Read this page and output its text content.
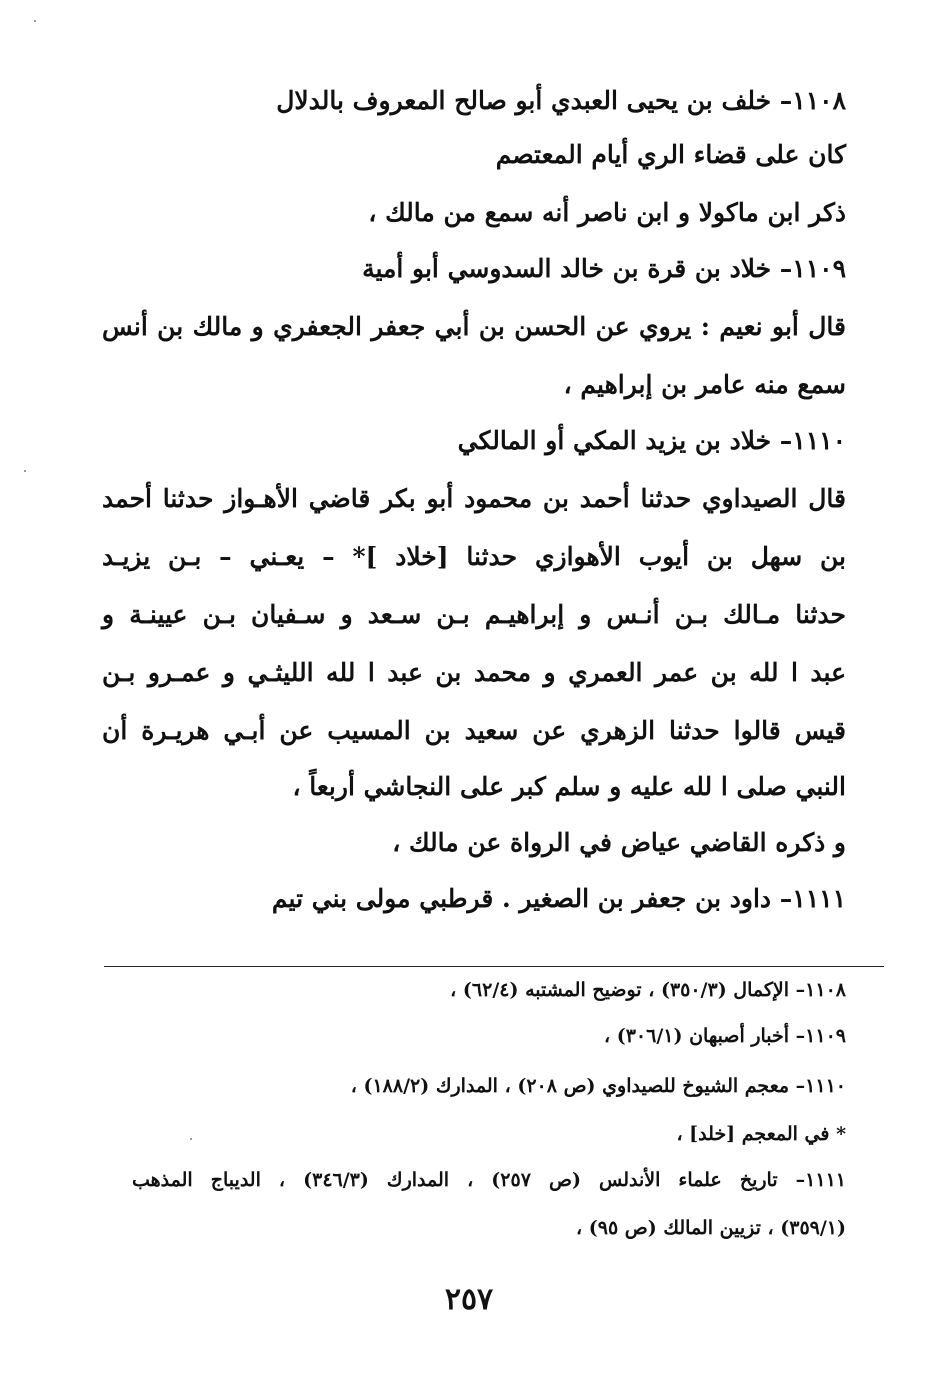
١١٠٨– خلف بن يحيى العبدي أبو صالح المعروف بالدلال
كان على قضاء الري أيام المعتصم
ذكر ابن ماكولا و ابن ناصر أنه سمع من مالك ،
١١٠٩– خلاد بن قرة بن خالد السدوسي أبو أمية
قال أبو نعيم : يروي عن الحسن بن أبي جعفر الجعفري و مالك بن أنس
سمع منه عامر بن إبراهيم ،
١١١٠– خلاد بن يزيد المكي أو المالكي
قال الصيداوي حدثنا أحمد بن محمود أبو بكر قاضي الأهـواز حدثنا أحمد
بن سهل بن أيوب الأهوازي حدثنا [خلاد ]* – يعـني – بـن يزيـد
حدثنا مـالك بـن أنـس و إبراهيـم بـن سـعد و سـفيان بـن عيينـة و
عبد ا لله بن عمر العمري و محمد بن عبد ا لله الليثـي و عمـرو بـن
قيس قالوا حدثنا الزهري عن سعيد بن المسيب عن أبـي هريـرة أن
النبي صلى ا لله عليه و سلم كبر على النجاشي أربعاً ،
و ذكره القاضي عياض في الرواة عن مالك ،
١١١١– داود بن جعفر بن الصغير . قرطبي مولى بني تيم
١١٠٨– الإكمال (٣٥٠/٣) ، توضيح المشتبه (٦٢/٤) ،
١١٠٩– أخبار أصبهان (٣٠٦/١) ،
١١١٠– معجم الشيوخ للصيداوي (ص ٢٠٨) ، المدارك (١٨٨/٢) ،
* في المعجم [خلد] ،
١١١١– تاريخ علماء الأندلس (ص ٢٥٧) ، المدارك (٣٤٦/٣) ، الديباج المذهب
(٣٥٩/١) ، تزيين المالك (ص ٩٥) ،
٢٥٧
